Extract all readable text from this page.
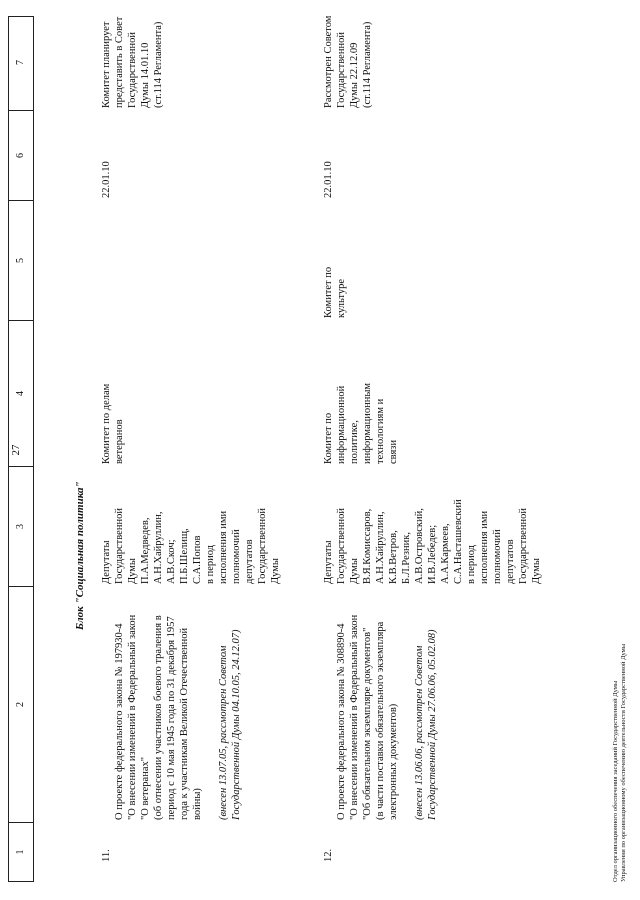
27
1
2
3
4
5
6
7
Блок "Социальная политика"
11.

О проекте федерального закона № 197930-4
"О внесении изменений в Федеральный закон
"О ветеранах"
(об отнесении участников боевого траления в
период с 10 мая 1945 года по 31 декабря 1957
года к участникам Великой Отечественной
войны) (внесен 13.07.05, рассмотрен Советом
Государственной Думы 04.10.05, 24.12.07)

Депутаты
Государственной
Думы
П.А.Медведев,
А.Н.Хайруллин,
А.В.Скоч;
П.Б.Шелищ,
С.А.Попов
в период
исполнения ими
полномочий
депутатов
Государственной
Думы
Комитет по делам
ветеранов
22.01.10
Комитет планирует
представить в Совет
Государственной
Думы 14.01.10
(ст.114 Регламента)
12.

О проекте федерального закона № 308890-4
"О внесении изменений в Федеральный закон
"Об обязательном экземпляре документов"
(в части поставки обязательного экземпляра
электронных документов)

(внесен 13.06.06, рассмотрен Советом
Государственной Думы 27.06.06, 05.02.08)

Депутаты
Государственной
Думы
В.Я.Комиссаров,
А.Н.Хайруллин,
К.В.Ветров,
Б.Л.Резник,
А.В.Островский,
И.В.Лебедев;
А.А.Кармеев,
С.А.Насташевский
в период
исполнения ими
полномочий
депутатов
Государственной
Думы
Комитет по
информационной
политике,
информационным
технологиям и
связи
Комитет по
культуре
22.01.10
Рассмотрен Советом
Государственной
Думы 22.12.09
(ст.114 Регламента)
Отдел организационного обеспечения заседаний Государственной Думы Управления по организационному обеспечению деятельности Государственной Думы
